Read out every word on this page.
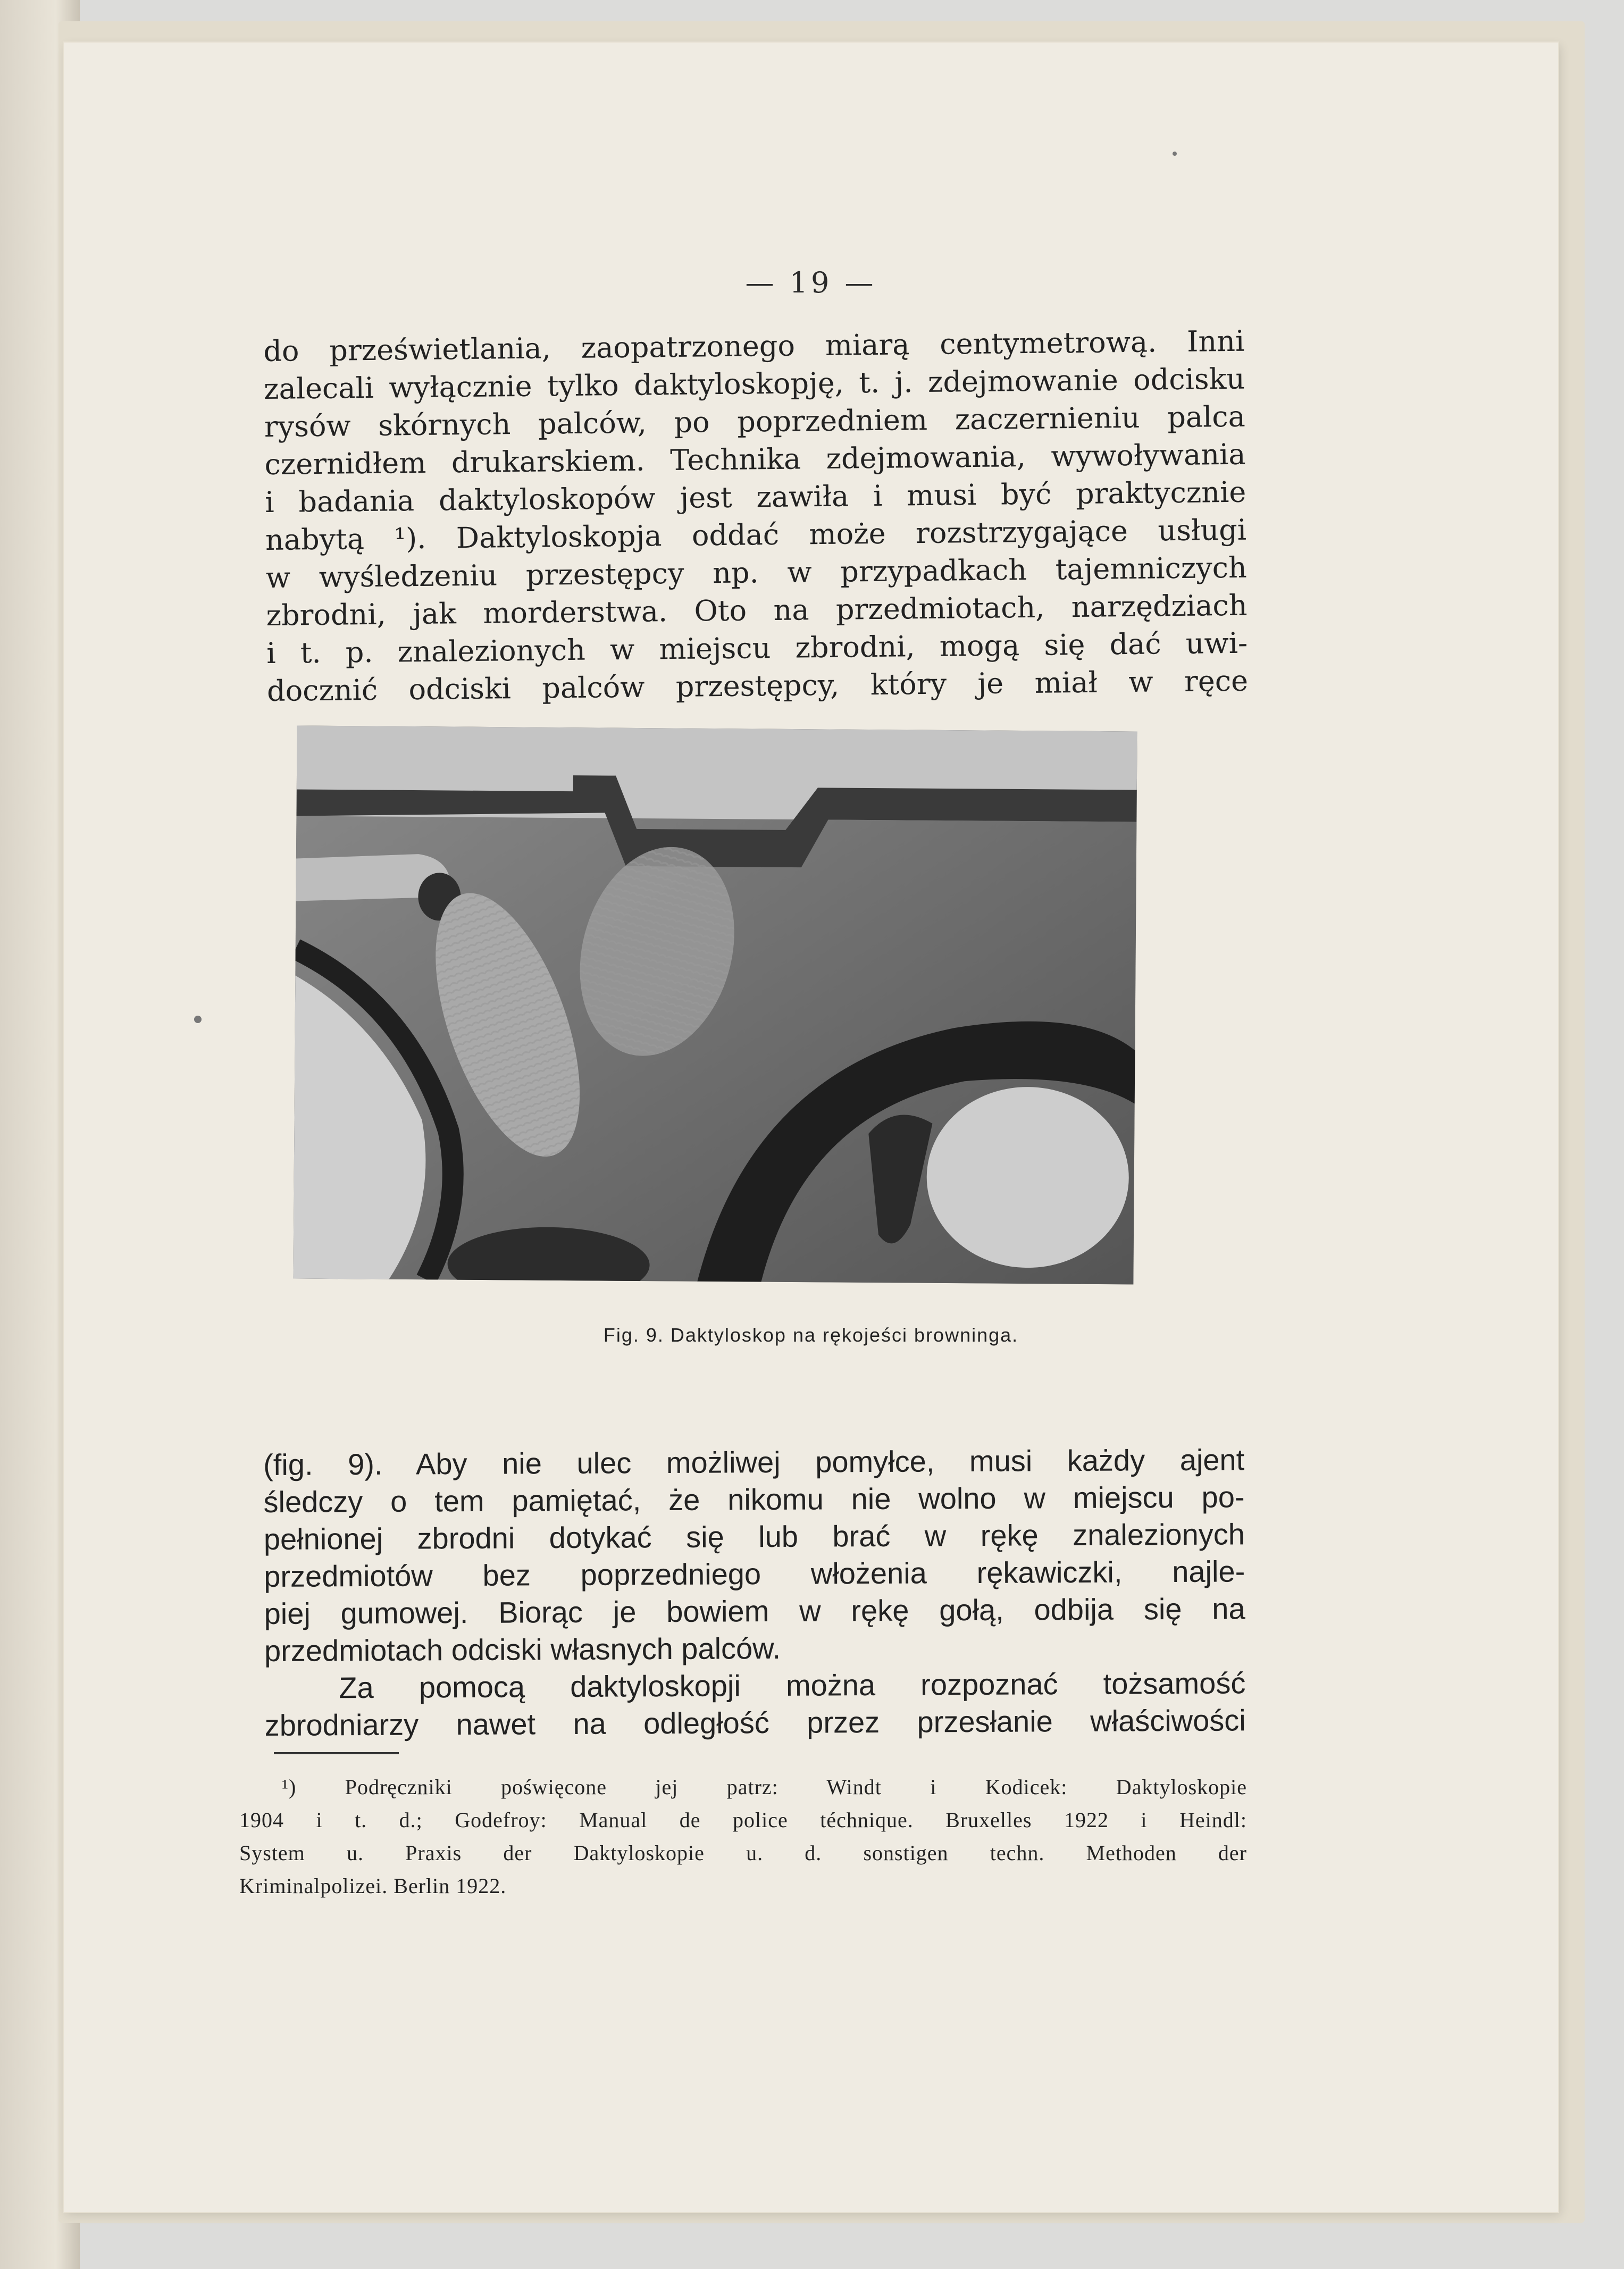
— 19 —
do prześwietlania, zaopatrzonego miarą centymetrową. Inni
zalecali wyłącznie tylko daktyloskopję, t. j. zdejmowanie odcisku
rysów skórnych palców, po poprzedniem zaczernieniu palca
czernidłem drukarskiem. Technika zdejmowania, wywoływania
i badania daktyloskopów jest zawiła i musi być praktycznie
nabytą ¹). Daktyloskopja oddać może rozstrzygające usługi
w wyśledzeniu przestępcy np. w przypadkach tajemniczych
zbrodni, jak morderstwa. Oto na przedmiotach, narzędziach
i t. p. znalezionych w miejscu zbrodni, mogą się dać uwi-
docznić odciski palców przestępcy, który je miał w ręce
Fig. 9. Daktyloskop na rękojeści browninga.
(fig. 9). Aby nie ulec możliwej pomyłce, musi każdy ajent
śledczy o tem pamiętać, że nikomu nie wolno w miejscu po-
pełnionej zbrodni dotykać się lub brać w rękę znalezionych
przedmiotów bez poprzedniego włożenia rękawiczki, najle-
piej gumowej. Biorąc je bowiem w rękę gołą, odbija się na
przedmiotach odciski własnych palców.
Za pomocą daktyloskopji można rozpoznać tożsamość
zbrodniarzy nawet na odległość przez przesłanie właściwości
¹) Podręczniki poświęcone jej patrz: Windt i Kodicek: Daktyloskopie
1904 i t. d.; Godefroy: Manual de police téchnique. Bruxelles 1922 i Heindl:
System u. Praxis der Daktyloskopie u. d. sonstigen techn. Methoden der
Kriminalpolizei. Berlin 1922.
